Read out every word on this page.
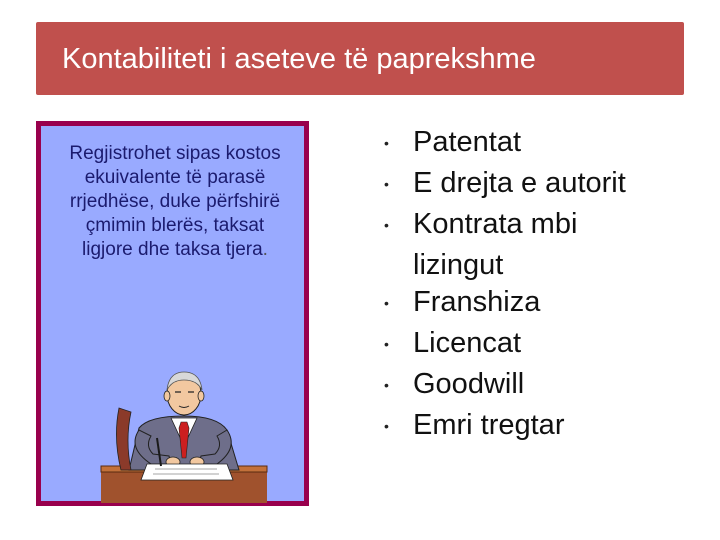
Kontabiliteti i aseteve të paprekshme
Regjistrohet sipas kostos ekuivalente të parasë rrjedhëse, duke përfshirë çmimin blerës, taksat ligjore dhe taksa tjera.
• Patentat
• E drejta e autorit
• Kontrata mbi
lizingut
• Franshiza
• Licencat
• Goodwill
• Emri tregtar
